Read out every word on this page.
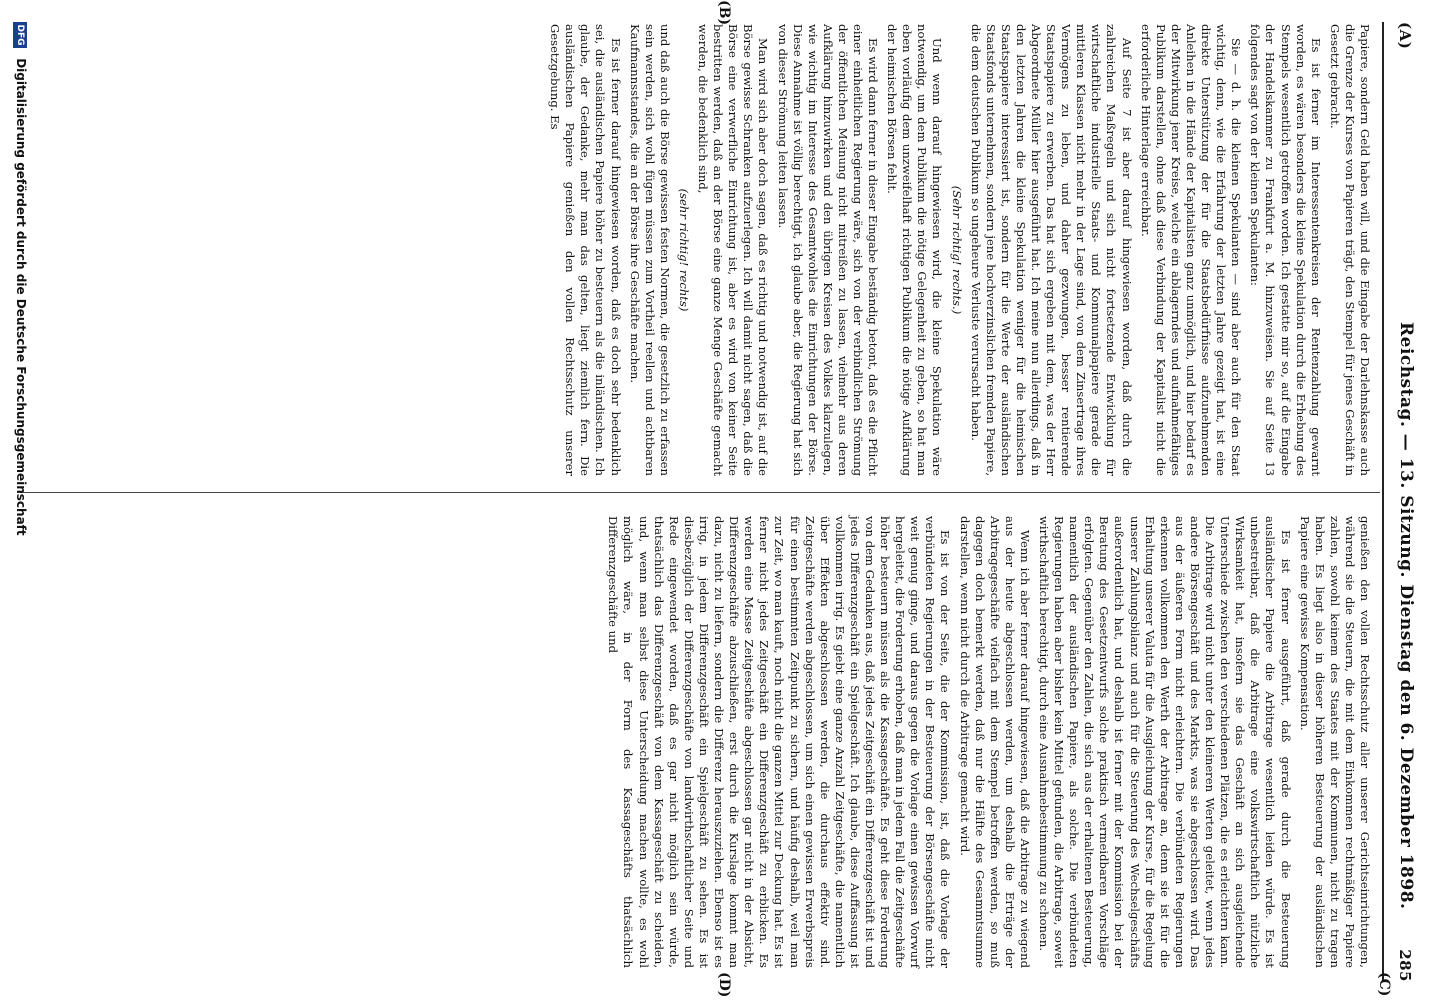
(A)
Reichstag. — 13. Sitzung. Dienstag den 6. Dezember 1898.
285
(B)
(C)
(D)

Papiere, sondern Geld haben will, und die Eingabe der Darlehnskasse auch die Grenze der Kurses von Papieren trägt, den Stempel für jenes Geschäft in Gesetzt gebracht.

Es ist ferner im Interessentenkreisen der Rentenzahlung gewarnt worden, es wären besonders die kleine Spekulation durch die Erhebung des Stempels wesentlich getroffen worden. Ich gestatte mir so, auf die Eingabe der Handelskammer zu Frankfurt a. M. hinzuweisen. Sie auf Seite 13 folgendes sagt von der kleinen Spekulanten:

Sie — d. h. die kleinen Spekulanten — sind aber auch für den Staat wichtig, denn, wie die Erfahrung der letzten Jahre gezeigt hat, ist eine direkte Unterstützung der für die Staatsbedürfnisse aufzunehmenden Anleihen in die Hände der Kapitalisten ganz unmöglich, und hier bedarf es der Mitwirkung jener Kreise, welche ein ablagerndes und aufnahmefähiges Publikum darstellen, ohne daß diese Verbindung der Kapitalist nicht die erforderliche Hinterlage erreichbar.

Auf Seite 7 ist aber darauf hingewiesen worden, daß durch die zahlreichen Maßregeln und sich nicht fortsetzende Entwicklung für wirtschaftliche industrielle Staats- und Kommunalpapiere gerade die mittleren Klassen nicht mehr in der Lage sind, von dem Zinsertrage ihres Vermögens zu leben, und daher gezwungen, besser rentierende Staatspapiere zu erwerben. Das hat sich ergeben mit dem, was der Herr Abgeordnete Müller hier ausgeführt hat. Ich meine nun allerdings, daß in den letzten Jahren die kleine Spekulation weniger für die heimischen Staatspapiere interessiert ist, sondern für die Werte der ausländischen Staatsfonds unternehmen, sondern jene hochverzinslichen fremden Papiere, die dem deutschen Publikum so ungeheure Verluste verursacht haben.

(Sehr richtig! rechts.)

Und wenn darauf hingewiesen wird, die kleine Spekulation wäre notwendig, um dem Publikum die nötige Gelegenheit zu geben, so hat man eben vorläufig dem unzweifelhaft richtigen Publikum die nötige Aufklärung der heimischen Börsen fehlt.

Es wird dann ferner in dieser Eingabe beständig betont, daß es die Pflicht einer einheitlichen Regierung wäre, sich von der verbindlichen Strömung der öffentlichen Meinung nicht mitreißen zu lassen, vielmehr aus deren Aufklärung hinzuwirken und den übrigen Kreisen des Volkes klarzulegen, wie wichtig im Interesse des Gesamtwohles die Einrichtungen der Börse. Diese Annahme ist völlig berechtigt, ich glaube aber, die Regierung hat sich von dieser Strömung leiten lassen.

Man wird sich aber doch sagen, daß es richtig und notwendig ist, auf die Börse gewisse Schranken aufzuerlegen. Ich will damit nicht sagen, daß die Börse eine verwerfliche Einrichtung ist, aber es wird von keiner Seite bestritten werden, daß an der Börse eine ganze Menge Geschäfte gemacht werden, die bedenklich sind,

(sehr richtig! rechts)

und daß auch die Börse gewissen festen Normen, die gesetzlich zu erfassen sein werden, sich wohl fügen müssen zum Vortheil reellen und achtbaren Kaufmannsstandes, die an der Börse ihre Geschäfte machen.

Es ist ferner darauf hingewiesen worden, daß es doch sehr bedenklich sei, die ausländischen Papiere höher zu besteuern als die inländischen. Ich glaube, der Gedanke, mehr man das gelten, liegt ziemlich fern. Die ausländischen Papiere genießen den vollen Rechtsschutz unserer Gesetzgebung. Es

genießen den vollen Rechtsschutz aller unserer Gerichtseinrichtungen, während sie die Steuern, die mit dem Einkommen rechtmäßiger Papiere zahlen, sowohl keinem des Staates mit der Kommunen, nicht zu tragen haben. Es liegt also in dieser höheren Besteuerung der ausländischen Papiere eine gewisse Kompensation.

Es ist ferner ausgeführt, daß gerade durch die Besteuerung ausländischer Papiere die Arbitrage wesentlich leiden würde. Es ist unbestreitbar, daß die Arbitrage eine volkswirtschaftlich nützliche Wirksamkeit hat, insofern sie das Geschäft an sich ausgleichende Unterschiede zwischen den verschiedenen Plätzen, die es erleichtern kann. Die Arbitrage wird nicht unter den kleineren Werten geleitet, wenn jedes andere Börsengeschäft und des Markts, was sie abgeschlossen wird. Das aus der äußeren Form nicht erleichtern. Die verbündeten Regierungen erkennen vollkommen den Werth der Arbitrage an, denn sie ist für die Erhaltung unserer Valuta für die Ausgleichung der Kurse, für die Regelung unserer Zahlungsbilanz und auch für die Steuerung des Wechselgeschäfts außerordentlich hat, und deshalb ist ferner mit der Kommission bei der Beratung des Gesetzentwurfs solche praktisch vermeidbaren Vorschläge erfolgten. Gegenüber den Zahlen, die sich aus der erhaltenen Besteuerung, namentlich der ausländischen Papiere, als solche. Die verbündeten Regierungen haben aber bisher kein Mittel gefunden, die Arbitrage, soweit wirthschaftlich berechtigt, durch eine Ausnahmebestimmung zu schonen.

Wenn ich aber ferner darauf hingewiesen, daß die Arbitrage zu wiegend aus der heute abgeschlossen werden, um deshalb die Erträge der Arbitragegeschäfte vielfach mit dem Stempel betroffen werden, so muß dagegen doch bemerkt werden, daß nur die Hälfte des Gesammtsumme darstellen, wenn nicht durch die Arbitrage gemacht wird.

Es ist von der Seite, die der Kommission, ist, daß die Vorlage der verbündeten Regierungen in der Besteuerung der Börsengeschäfte nicht weit genug ginge, und daraus gegen die Vorlage einen gewissen Vorwurf hergeleitet, die Forderung erhoben, daß man in jedem Fall die Zeitgeschäfte höher besteuern müssen als die Kassageschäfte. Es geht diese Forderung von dem Gedanken aus, daß jedes Zeitgeschäft ein Differenzgeschäft ist und jedes Differenzgeschäft ein Spielgeschäft. Ich glaube, diese Auffassung ist vollkommen irrig. Es giebt eine ganze Anzahl Zeitgeschäfte, die namentlich über Effekten abgeschlossen werden, die durchaus effektiv sind. Zeitgeschäfte werden abgeschlossen, um sich einen gewissen Erwerbspreis für einen bestimmten Zeitpunkt zu sichern, und häufig deshalb, weil man zur Zeit, wo man kauft, noch nicht die ganzen Mittel zur Deckung hat. Es ist ferner nicht jedes Zeitgeschäft ein Differenzgeschäft zu erblicken. Es werden eine Masse Zeitgeschäfte abgeschlossen gar nicht in der Absicht, Differenzgeschäfte abzuschließen, erst durch die Kurslage kommt man dazu, nicht zu liefern, sondern die Differenz herauszuziehen. Ebenso ist es irrig, in jedem Differenzgeschäft ein Spielgeschäft zu sehen. Es ist diesbezüglich der Differenzgeschäfte von landwirthschaftlicher Seite und Rede eingewendet worden, daß es gar nicht möglich sein würde, thatsächlich das Differenzgeschäft von dem Kassageschäft zu scheiden, und, wenn man selbst diese Unterscheidung machen wollte, es wohl möglich wäre, in der Form des Kassageschäfts thatsächlich Differenzgeschäfte und

DFG Digitalisierung gefördert durch die Deutsche Forschungsgemeinschaft
